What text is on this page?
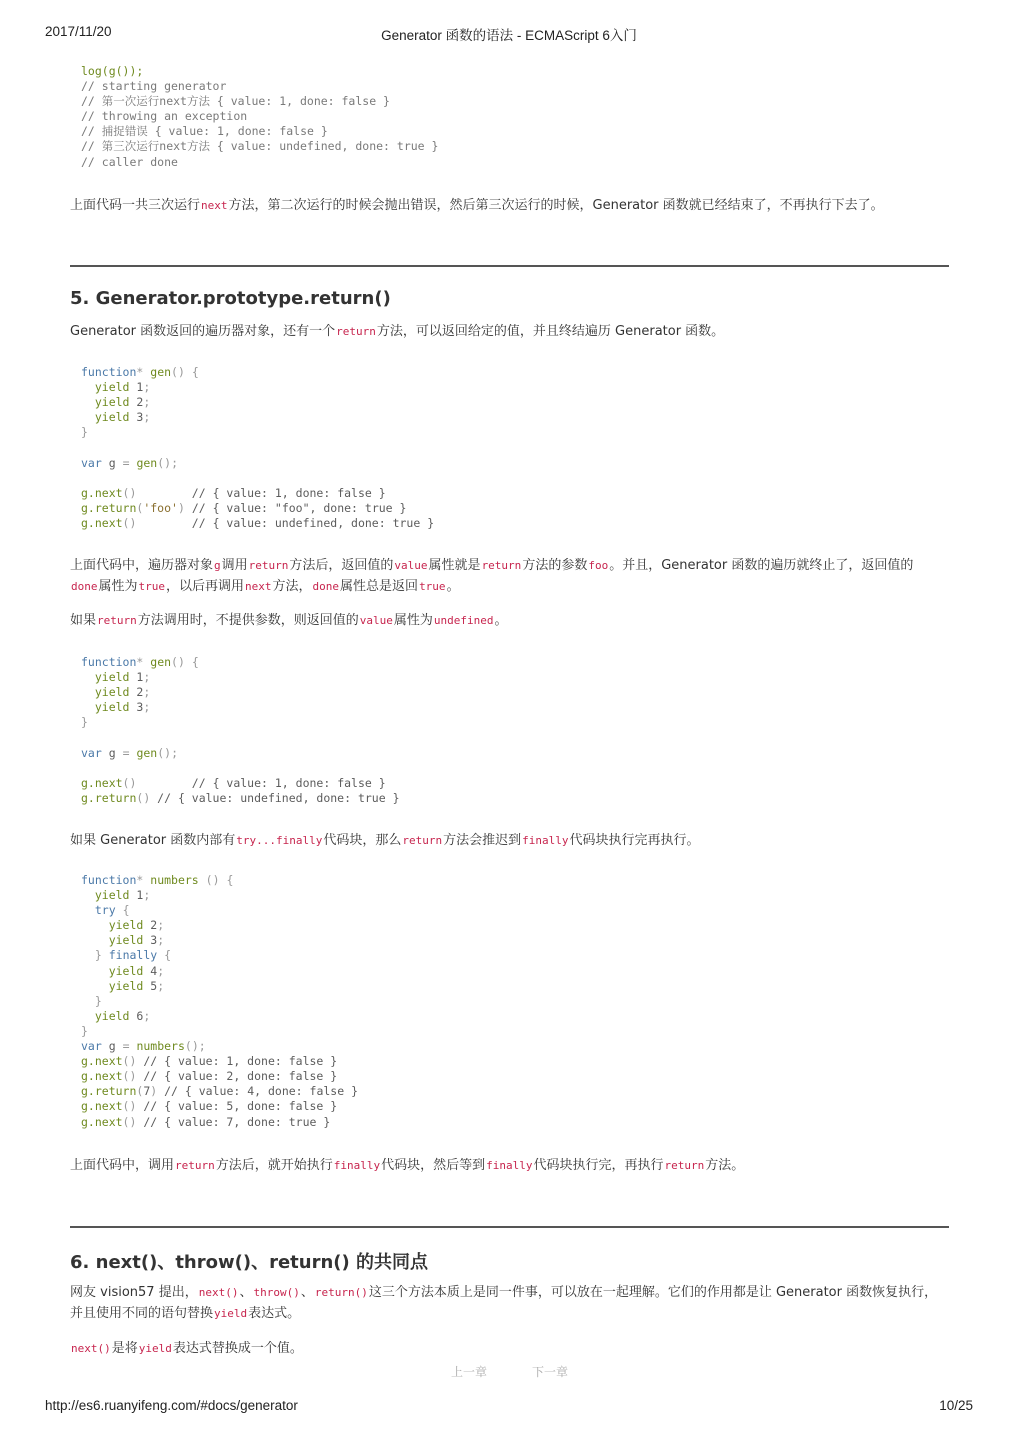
2017/11/20	Generator 函数的语法 - ECMAScript 6入门
log(g());
// starting generator
// 第一次运行next方法 { value: 1, done: false }
// throwing an exception
// 捕捉错误 { value: 1, done: false }
// 第三次运行next方法 { value: undefined, done: true }
// caller done

上面代码一共三次运行next方法，第二次运行的时候会抛出错误，然后第三次运行的时候，Generator 函数就已经结束了，不再执行下去了。

5. Generator.prototype.return()

Generator 函数返回的遍历器对象，还有一个return方法，可以返回给定的值，并且终结遍历 Generator 函数。

function* gen() {
yield 1;
yield 2;
yield 3;
}

var g = gen();

g.next()	// { value: 1, done: false }
g.return('foo') // { value: "foo", done: true }
g.next()        // { value: undefined, done: true }

上面代码中，遍历器对象g调用return方法后，返回值的value属性就是return方法的参数foo。并且，Generator 函数的遍历就终止了，返回值的
done属性为true，以后再调用next方法，done属性总是返回true。

如果return方法调用时，不提供参数，则返回值的value属性为undefined。

function* gen() {
yield 1;
yield 2;
yield 3;
}

var g = gen();

g.next()	// { value: 1, done: false }
g.return() // { value: undefined, done: true }

如果 Generator 函数内部有try...finally代码块，那么return方法会推迟到finally代码块执行完再执行。

function* numbers () {
yield 1;
try {
yield 2;
yield 3;
} finally {
yield 4;
yield 5;
}
yield 6;
}
var g = numbers();
g.next() // { value: 1, done: false }
g.next() // { value: 2, done: false }
g.return(7) // { value: 4, done: false }
g.next() // { value: 5, done: false }
g.next() // { value: 7, done: true }

上面代码中，调用return方法后，就开始执行finally代码块，然后等到finally代码块执行完，再执行return方法。

6. next()、throw()、return() 的共同点

网友 vision57 提出，next()、throw()、return()这三个方法本质上是同一件事，可以放在一起理解。它们的作用都是让 Generator 函数恢复执行，
并且使用不同的语句替换yield表达式。

next()是将yield表达式替换成一个值。

上一章	下一章
http://es6.ruanyifeng.com/#docs/generator	10/25
